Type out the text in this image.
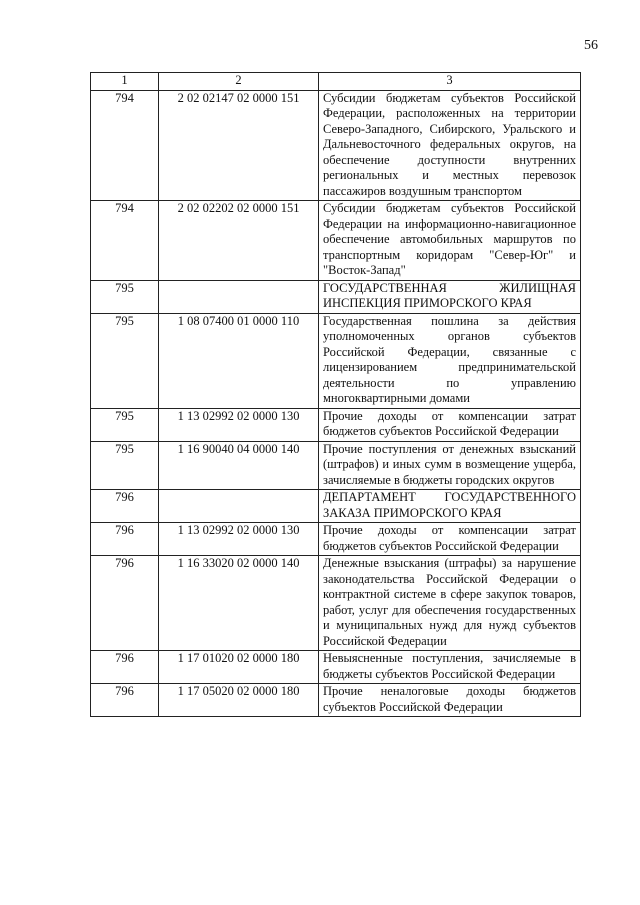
56
1	2	3
794	2 02 02147 02 0000 151	Субсидии бюджетам субъектов Российской Федерации, расположенных на территории Северо-Западного, Сибирского, Уральского и Дальневосточного федеральных округов, на обеспечение доступности внутренних региональных и местных перевозок пассажиров воздушным транспортом
794	2 02 02202 02 0000 151	Субсидии бюджетам субъектов Российской Федерации на информационно-навигационное обеспечение автомобильных маршрутов по транспортным коридорам "Север-Юг" и "Восток-Запад"
795		ГОСУДАРСТВЕННАЯ ЖИЛИЩНАЯ ИНСПЕКЦИЯ ПРИМОРСКОГО КРАЯ
795	1 08 07400 01 0000 110	Государственная пошлина за действия уполномоченных органов субъектов Российской Федерации, связанные с лицензированием предпринимательской деятельности по управлению многоквартирными домами
795	1 13 02992 02 0000 130	Прочие доходы от компенсации затрат бюджетов субъектов Российской Федерации
795	1 16 90040 04 0000 140	Прочие поступления от денежных взысканий (штрафов) и иных сумм в возмещение ущерба, зачисляемые в бюджеты городских округов
796		ДЕПАРТАМЕНТ ГОСУДАРСТВЕННОГО ЗАКАЗА ПРИМОРСКОГО КРАЯ
796	1 13 02992 02 0000 130	Прочие доходы от компенсации затрат бюджетов субъектов Российской Федерации
796	1 16 33020 02 0000 140	Денежные взыскания (штрафы) за нарушение законодательства Российской Федерации о контрактной системе в сфере закупок товаров, работ, услуг для обеспечения государственных и муниципальных нужд для нужд субъектов Российской Федерации
796	1 17 01020 02 0000 180	Невыясненные поступления, зачисляемые в бюджеты субъектов Российской Федерации
796	1 17 05020 02 0000 180	Прочие неналоговые доходы бюджетов субъектов Российской Федерации
